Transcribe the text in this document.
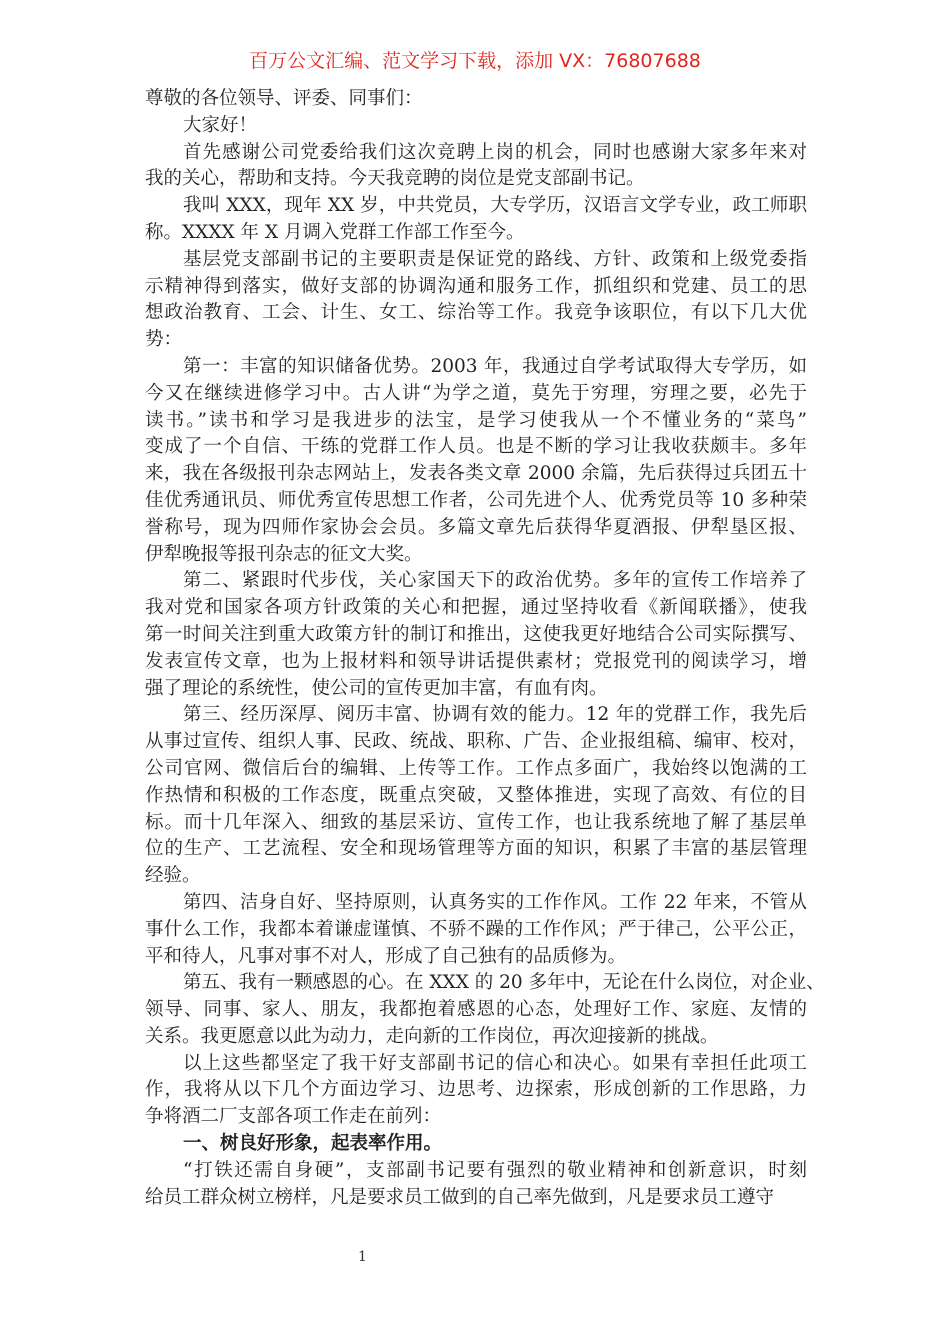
百万公文汇编、范文学习下载，添加 VX：76807688
尊敬的各位领导、评委、同事们：
大家好！
首先感谢公司党委给我们这次竞聘上岗的机会，同时也感谢大家多年来对
我的关心，帮助和支持。今天我竞聘的岗位是党支部副书记。
我叫 XXX，现年 XX 岁，中共党员，大专学历，汉语言文学专业，政工师职
称。XXXX 年 X 月调入党群工作部工作至今。
基层党支部副书记的主要职责是保证党的路线、方针、政策和上级党委指
示精神得到落实，做好支部的协调沟通和服务工作，抓组织和党建、员工的思
想政治教育、工会、计生、女工、综治等工作。我竞争该职位，有以下几大优
势：
第一：丰富的知识储备优势。2003 年，我通过自学考试取得大专学历，如
今又在继续进修学习中。古人讲“为学之道，莫先于穷理，穷理之要，必先于
读书。”读书和学习是我进步的法宝，是学习使我从一个不懂业务的“菜鸟”
变成了一个自信、干练的党群工作人员。也是不断的学习让我收获颇丰。多年
来，我在各级报刊杂志网站上，发表各类文章 2000 余篇，先后获得过兵团五十
佳优秀通讯员、师优秀宣传思想工作者，公司先进个人、优秀党员等 10 多种荣
誉称号，现为四师作家协会会员。多篇文章先后获得华夏酒报、伊犁垦区报、
伊犁晚报等报刊杂志的征文大奖。
第二、紧跟时代步伐，关心家国天下的政治优势。多年的宣传工作培养了
我对党和国家各项方针政策的关心和把握，通过坚持收看《新闻联播》，使我
第一时间关注到重大政策方针的制订和推出，这使我更好地结合公司实际撰写、
发表宣传文章，也为上报材料和领导讲话提供素材；党报党刊的阅读学习，增
强了理论的系统性，使公司的宣传更加丰富，有血有肉。
第三、经历深厚、阅历丰富、协调有效的能力。12 年的党群工作，我先后
从事过宣传、组织人事、民政、统战、职称、广告、企业报组稿、编审、校对，
公司官网、微信后台的编辑、上传等工作。工作点多面广，我始终以饱满的工
作热情和积极的工作态度，既重点突破，又整体推进，实现了高效、有位的目
标。而十几年深入、细致的基层采访、宣传工作，也让我系统地了解了基层单
位的生产、工艺流程、安全和现场管理等方面的知识，积累了丰富的基层管理
经验。
第四、洁身自好、坚持原则，认真务实的工作作风。工作 22 年来，不管从
事什么工作，我都本着谦虚谨慎、不骄不躁的工作作风；严于律己，公平公正，
平和待人，凡事对事不对人，形成了自己独有的品质修为。
第五、我有一颗感恩的心。在 XXX 的 20 多年中，无论在什么岗位，对企业、
领导、同事、家人、朋友，我都抱着感恩的心态，处理好工作、家庭、友情的
关系。我更愿意以此为动力，走向新的工作岗位，再次迎接新的挑战。
以上这些都坚定了我干好支部副书记的信心和决心。如果有幸担任此项工
作，我将从以下几个方面边学习、边思考、边探索，形成创新的工作思路，力
争将酒二厂支部各项工作走在前列：
一、树良好形象，起表率作用。
“打铁还需自身硬”，支部副书记要有强烈的敬业精神和创新意识，时刻
给员工群众树立榜样，凡是要求员工做到的自己率先做到，凡是要求员工遵守
1
